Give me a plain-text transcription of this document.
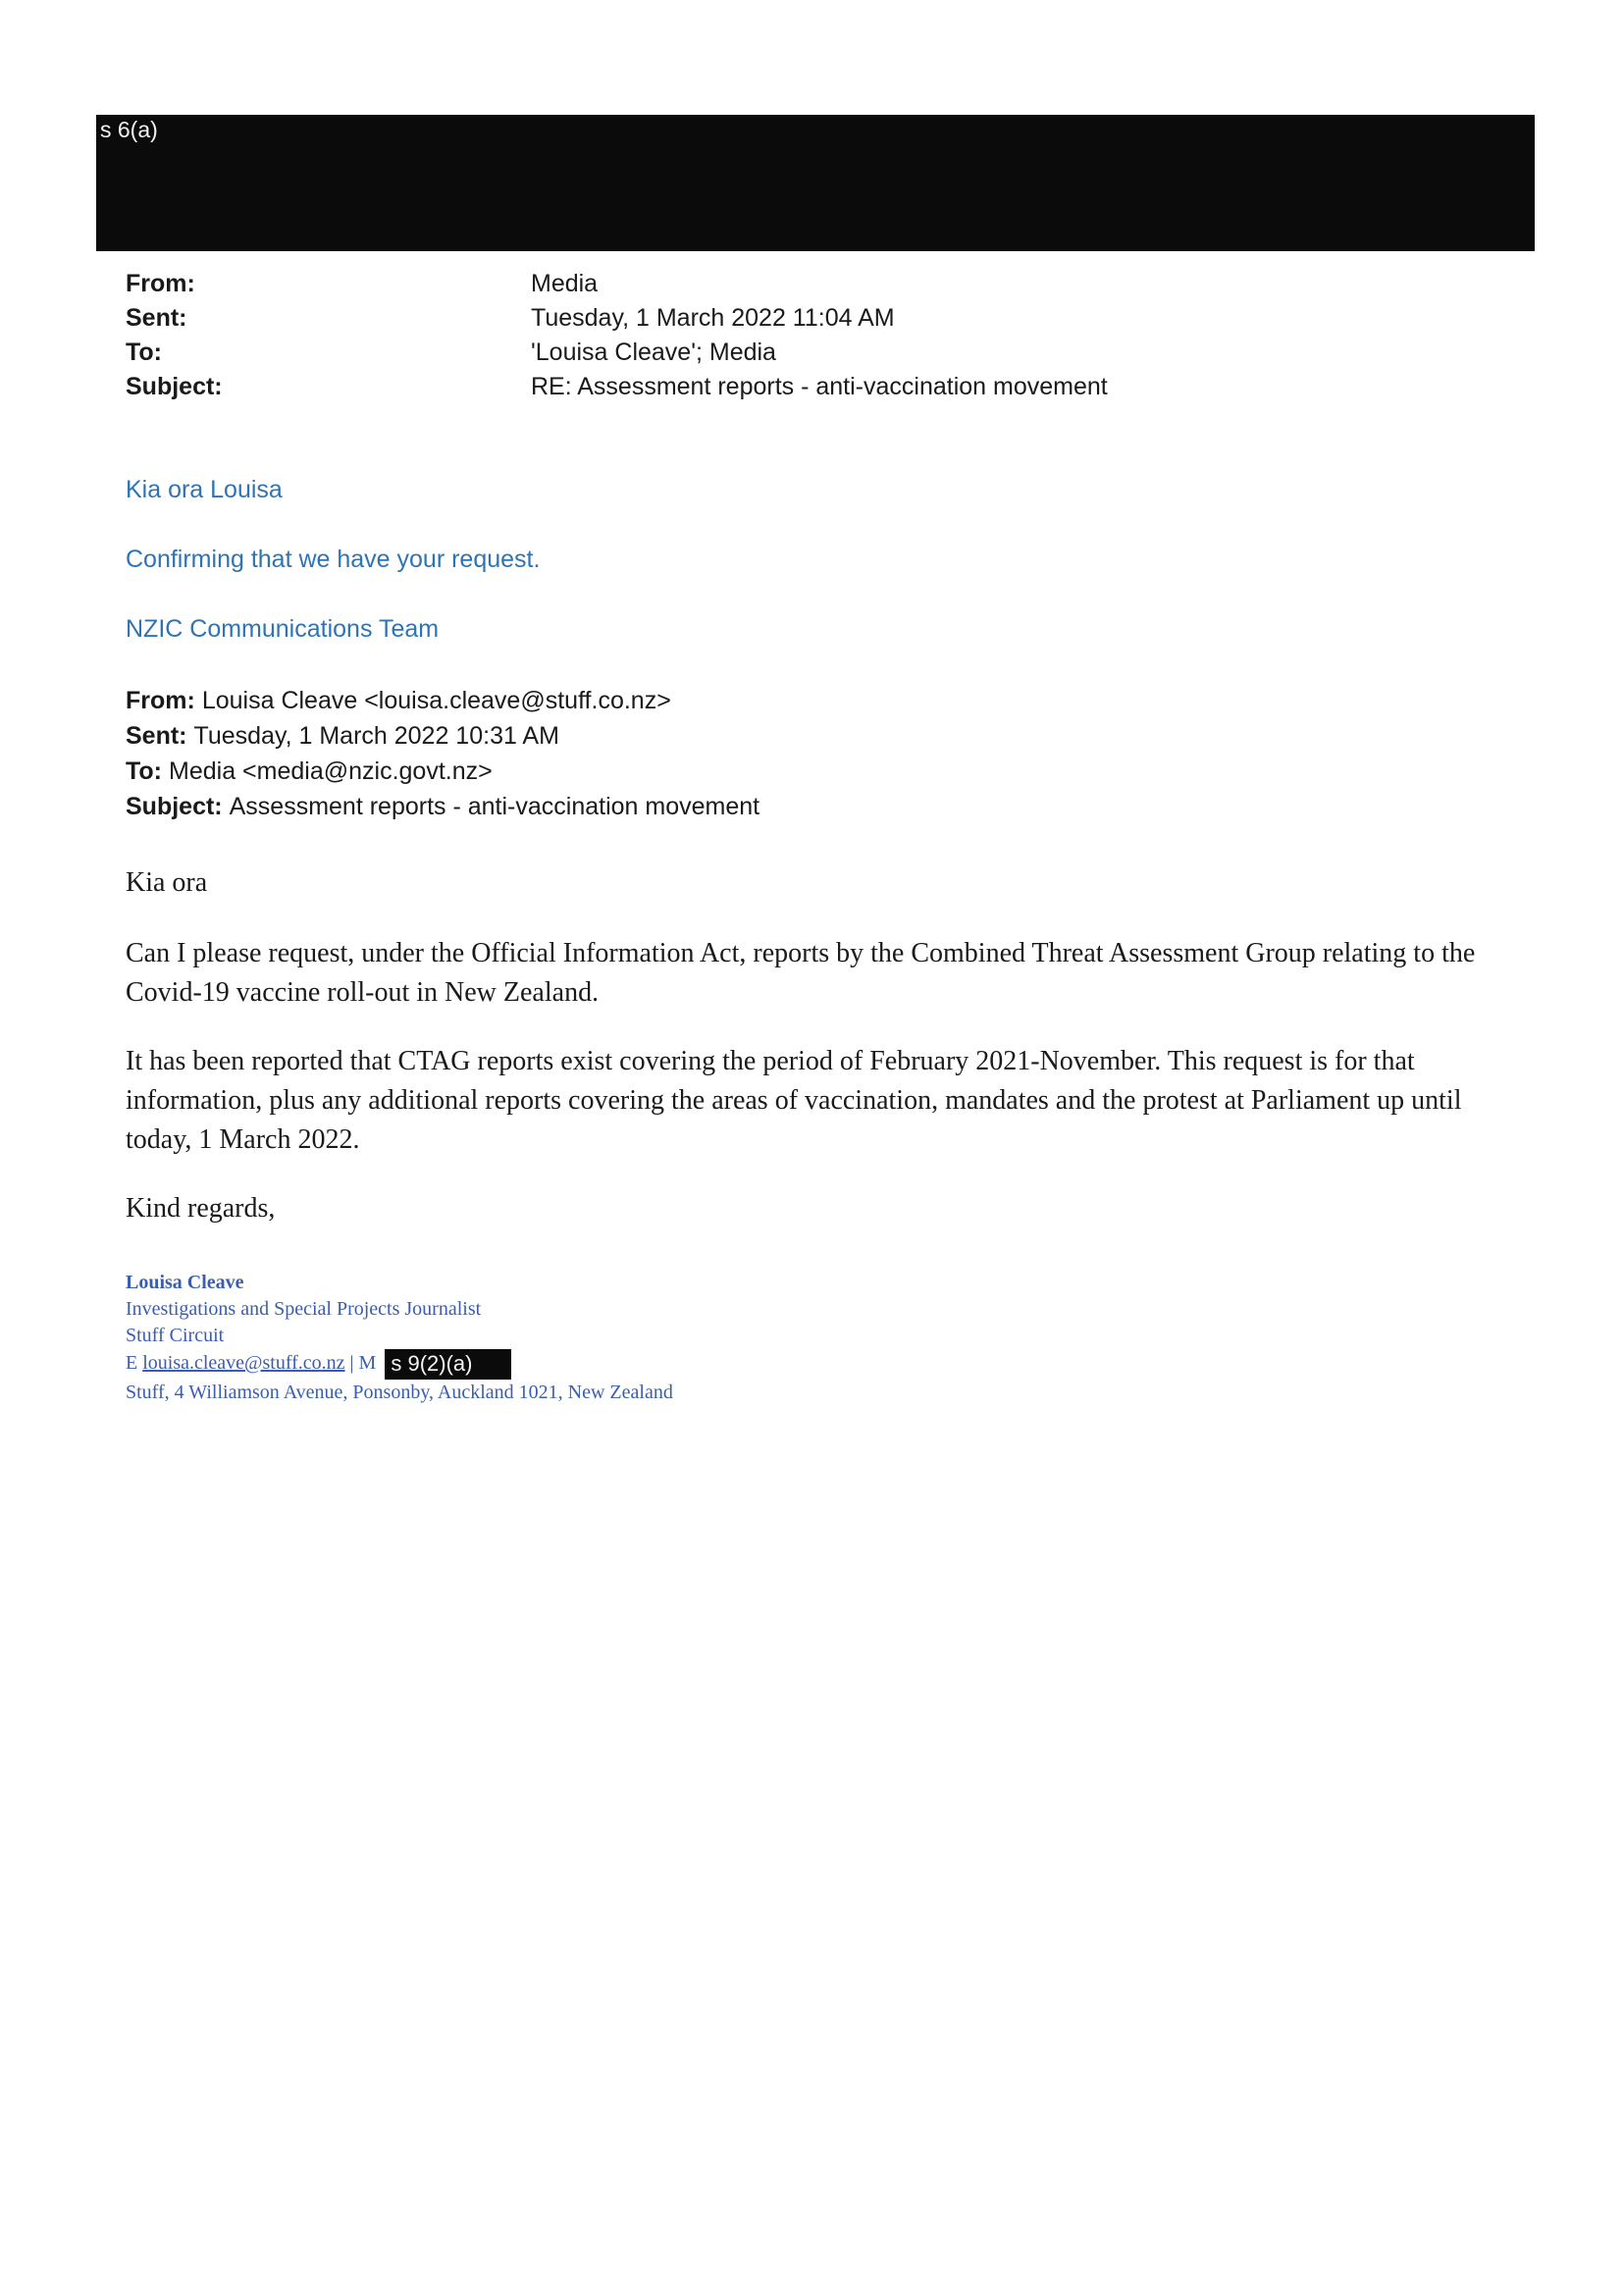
s 6(a)
From:	Media
Sent:	Tuesday, 1 March 2022 11:04 AM
To:	'Louisa Cleave'; Media
Subject:	RE: Assessment reports - anti-vaccination movement
Kia ora Louisa
Confirming that we have your request.
NZIC Communications Team
From: Louisa Cleave <louisa.cleave@stuff.co.nz>
Sent: Tuesday, 1 March 2022 10:31 AM
To: Media <media@nzic.govt.nz>
Subject: Assessment reports - anti-vaccination movement
Kia ora
Can I please request, under the Official Information Act, reports by the Combined Threat Assessment Group relating to the Covid-19 vaccine roll-out in New Zealand.
It has been reported that CTAG reports exist covering the period of February 2021-November. This request is for that information, plus any additional reports covering the areas of vaccination, mandates and the protest at Parliament up until today, 1 March 2022.
Kind regards,
Louisa Cleave
Investigations and Special Projects Journalist
Stuff Circuit
E louisa.cleave@stuff.co.nz | M s 9(2)(a)
Stuff, 4 Williamson Avenue, Ponsonby, Auckland 1021, New Zealand
